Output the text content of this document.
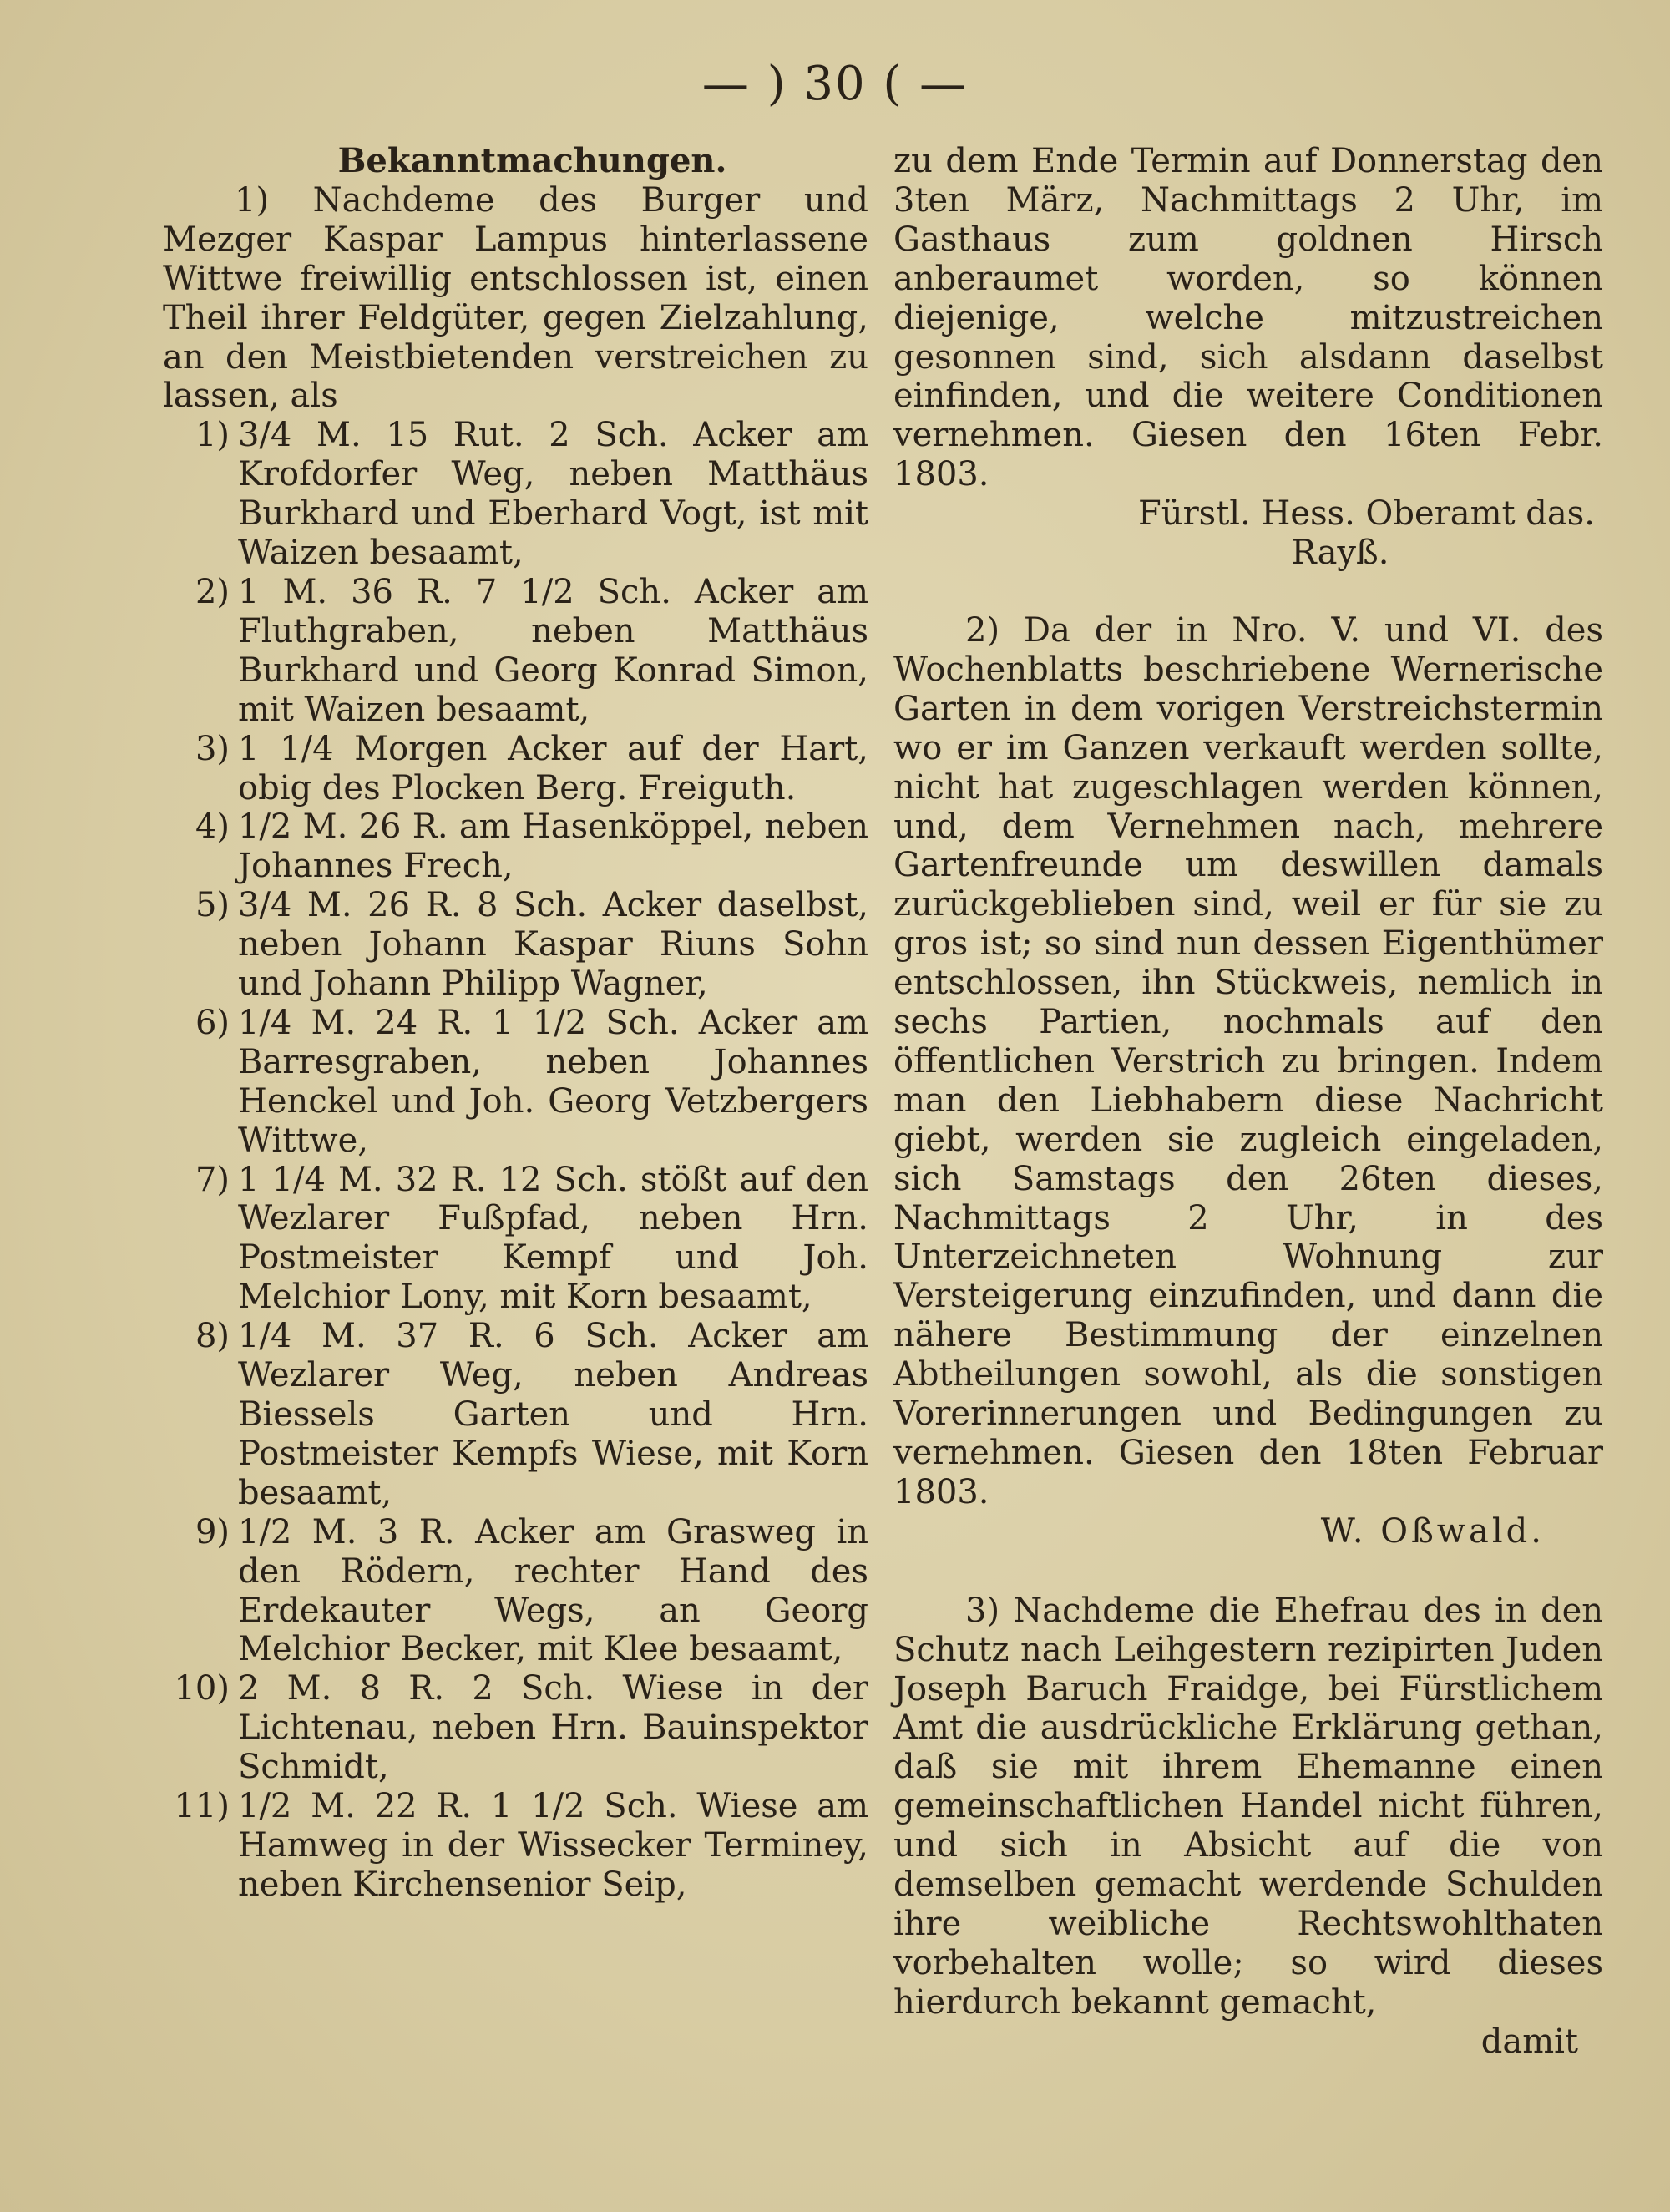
— ) 30 ( —
Bekanntmachungen.

1) Nachdeme des Burger und Mezger Kaspar Lampus hinterlassene Wittwe freiwillig entschlossen ist, einen Theil ihrer Feldgüter, gegen Zielzahlung, an den Meistbietenden verstreichen zu lassen, als

1) 3/4 M. 15 Rut. 2 Sch. Acker am Krofdorfer Weg, neben Matthäus Burkhard und Eberhard Vogt, ist mit Waizen besaamt,
2) 1 M. 36 R. 7 1/2 Sch. Acker am Fluthgraben, neben Matthäus Burkhard und Georg Konrad Simon, mit Waizen besaamt,
3) 1 1/4 Morgen Acker auf der Hart, obig des Plocken Berg. Freiguth.
4) 1/2 M. 26 R. am Hasenköppel, neben Johannes Frech,
5) 3/4 M. 26 R. 8 Sch. Acker daselbst, neben Johann Kaspar Riuns Sohn und Johann Philipp Wagner,
6) 1/4 M. 24 R. 1 1/2 Sch. Acker am Barresgraben, neben Johannes Henckel und Joh. Georg Vetzbergers Wittwe,
7) 1 1/4 M. 32 R. 12 Sch. stößt auf den Wezlarer Fußpfad, neben Hrn. Postmeister Kempf und Joh. Melchior Lony, mit Korn besaamt,
8) 1/4 M. 37 R. 6 Sch. Acker am Wezlarer Weg, neben Andreas Biessels Garten und Hrn. Postmeister Kempfs Wiese, mit Korn besaamt,
9) 1/2 M. 3 R. Acker am Grasweg in den Rödern, rechter Hand des Erdekauter Wegs, an Georg Melchior Becker, mit Klee besaamt,
10) 2 M. 8 R. 2 Sch. Wiese in der Lichtenau, neben Hrn. Bauinspektor Schmidt,
11) 1/2 M. 22 R. 1 1/2 Sch. Wiese am Hamweg in der Wissecker Terminey, neben Kirchensenior Seip,

zu dem Ende Termin auf Donnerstag den 3ten März, Nachmittags 2 Uhr, im Gasthaus zum goldnen Hirsch anberaumet worden, so können diejenige, welche mitzustreichen gesonnen sind, sich alsdann daselbst einfinden, und die weitere Conditionen vernehmen. Giesen den 16ten Febr. 1803.

Fürstl. Hess. Oberamt das.
Rayß.

2) Da der in Nro. V. und VI. des Wochenblatts beschriebene Wernerische Garten in dem vorigen Verstreichstermin wo er im Ganzen verkauft werden sollte, nicht hat zugeschlagen werden können, und, dem Vernehmen nach, mehrere Gartenfreunde um deswillen damals zurückgeblieben sind, weil er für sie zu gros ist; so sind nun dessen Eigenthümer entschlossen, ihn Stückweis, nemlich in sechs Partien, nochmals auf den öffentlichen Verstrich zu bringen. Indem man den Liebhabern diese Nachricht giebt, werden sie zugleich eingeladen, sich Samstags den 26ten dieses, Nachmittags 2 Uhr, in des Unterzeichneten Wohnung zur Versteigerung einzufinden, und dann die nähere Bestimmung der einzelnen Abtheilungen sowohl, als die sonstigen Vorerinnerungen und Bedingungen zu vernehmen. Giesen den 18ten Februar 1803.

W. Oßwald.

3) Nachdeme die Ehefrau des in den Schutz nach Leihgestern rezipirten Juden Joseph Baruch Fraidge, bei Fürstlichem Amt die ausdrückliche Erklärung gethan, daß sie mit ihrem Ehemanne einen gemeinschaftlichen Handel nicht führen, und sich in Absicht auf die von demselben gemacht werdende Schulden ihre weibliche Rechtswohlthaten vorbehalten wolle; so wird dieses hierdurch bekannt gemacht,

damit
